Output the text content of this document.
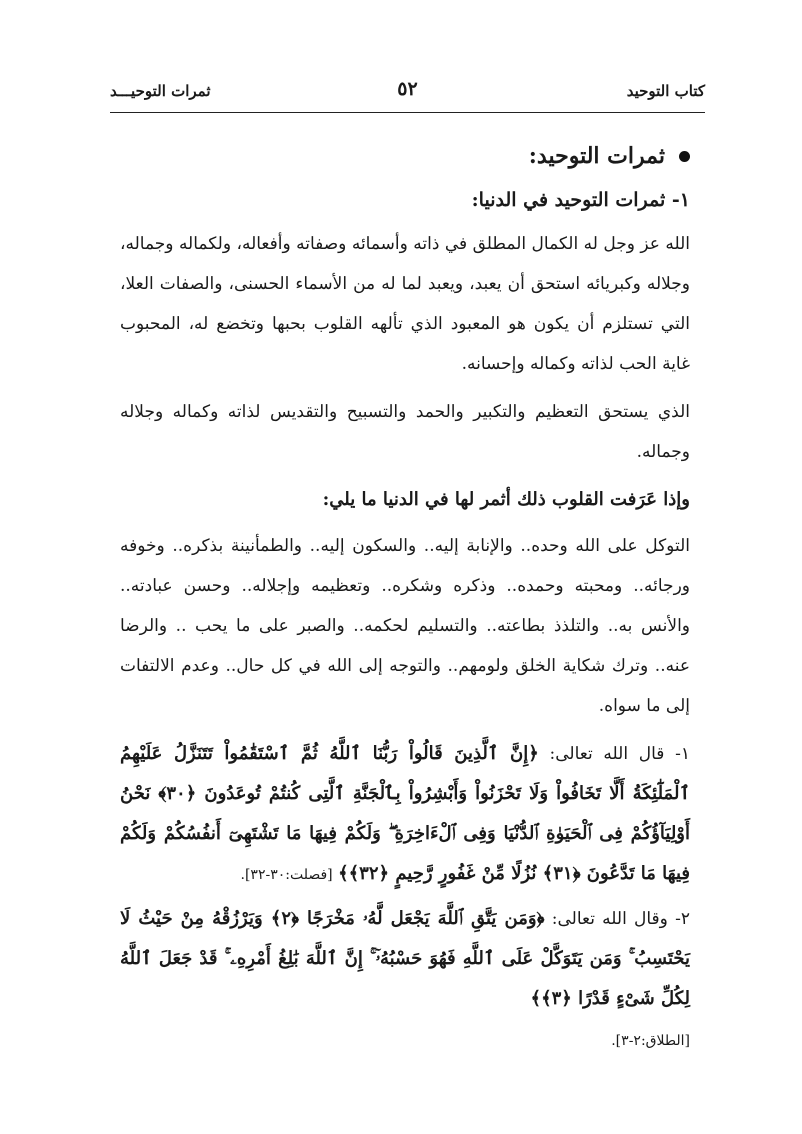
كتاب التوحيد
٥٢
ثمرات التوحيـــد
ثمرات التوحيد:
١- ثمرات التوحيد في الدنيا:

الله عز وجل له الكمال المطلق في ذاته وأسمائه وصفاته وأفعاله، ولكماله وجماله، وجلاله وكبريائه استحق أن يعبد، ويعبد لما له من الأسماء الحسنى، والصفات العلا، التي تستلزم أن يكون هو المعبود الذي تألهه القلوب بحبها وتخضع له، المحبوب غاية الحب لذاته وكماله وإحسانه.

الذي يستحق التعظيم والتكبير والحمد والتسبيح والتقديس لذاته وكماله وجلاله وجماله.

وإذا عَرَفت القلوب ذلك أثمر لها في الدنيا ما يلي:

التوكل على الله وحده.. والإنابة إليه.. والسكون إليه.. والطمأنينة بذكره.. وخوفه ورجائه.. ومحبته وحمده.. وذكره وشكره.. وتعظيمه وإجلاله.. وحسن عبادته.. والأنس به.. والتلذذ بطاعته.. والتسليم لحكمه.. والصبر على ما يحب .. والرضا عنه.. وترك شكاية الخلق ولومهم.. والتوجه إلى الله في كل حال.. وعدم الالتفات إلى ما سواه.

١- قال الله تعالى: ﴿إِنَّ ٱلَّذِينَ قَالُواْ رَبُّنَا ٱللَّهُ ثُمَّ ٱسْتَقَٰمُواْ تَتَنَزَّلُ عَلَيْهِمُ ٱلْمَلَٰٓئِكَةُ أَلَّا تَخَافُواْ وَلَا تَحْزَنُواْ وَأَبْشِرُواْ بِٱلْجَنَّةِ ٱلَّتِى كُنتُمْ تُوعَدُونَ ﴿٣٠﴾ نَحْنُ أَوْلِيَآؤُكُمْ فِى ٱلْحَيَوٰةِ ٱلدُّنْيَا وَفِى ٱلْءَاخِرَةِ ۖ وَلَكُمْ فِيهَا مَا تَشْتَهِىٓ أَنفُسُكُمْ وَلَكُمْ فِيهَا مَا تَدَّعُونَ ﴿٣١﴾ نُزُلًا مِّنْ غَفُورٍ رَّحِيمٍ ﴿٣٢﴾﴾ [فصلت:٣٠-٣٢].
٢- وقال الله تعالى: ﴿وَمَن يَتَّقِ ٱللَّهَ يَجْعَل لَّهُۥ مَخْرَجًا ﴿٢﴾ وَيَرْزُقْهُ مِنْ حَيْثُ لَا يَحْتَسِبُ ۚ وَمَن يَتَوَكَّلْ عَلَى ٱللَّهِ فَهُوَ حَسْبُهُۥٓ ۚ إِنَّ ٱللَّهَ بَٰلِغُ أَمْرِهِۦ ۚ قَدْ جَعَلَ ٱللَّهُ لِكُلِّ شَىْءٍ قَدْرًا ﴿٣﴾﴾
[الطلاق:٢-٣].
